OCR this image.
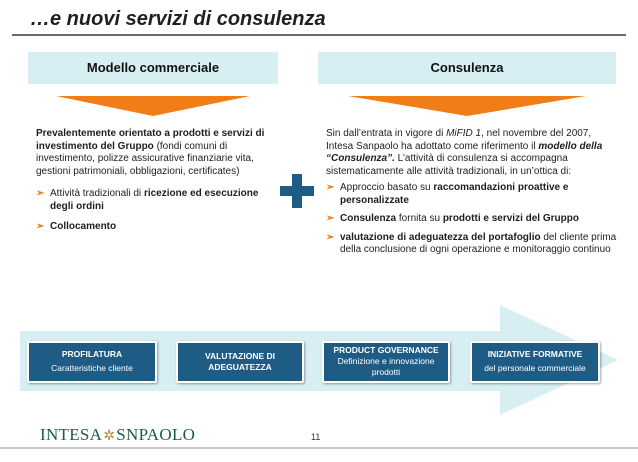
…e nuovi servizi di consulenza
Modello commerciale	Consulenza
Prevalentemente orientato a prodotti e servizi di investimento del Gruppo (fondi comuni di investimento, polizze assicurative finanziarie vita, gestioni patrimoniali, obbligazioni, certificates)
➢ Attività tradizionali di ricezione ed esecuzione degli ordini
➢ Collocamento
Sin dall’entrata in vigore di MiFID 1, nel novembre del 2007, Intesa Sanpaolo ha adottato come riferimento il modello della “Consulenza”. L’attività di consulenza si accompagna sistematicamente alle attività tradizionali, in un’ottica di:
➢ Approccio basato su raccomandazioni proattive e personalizzate
➢ Consulenza fornita su prodotti e servizi del Gruppo
➢ valutazione di adeguatezza del portafoglio del cliente prima della conclusione di ogni operazione e monitoraggio continuo
PROFILATURA
Caratteristiche cliente
VALUTAZIONE DI ADEGUATEZZA
PRODUCT GOVERNANCE
Definizione e innovazione prodotti
INIZIATIVE FORMATIVE
del personale commerciale
INTESA✲SNPAOLO	11
